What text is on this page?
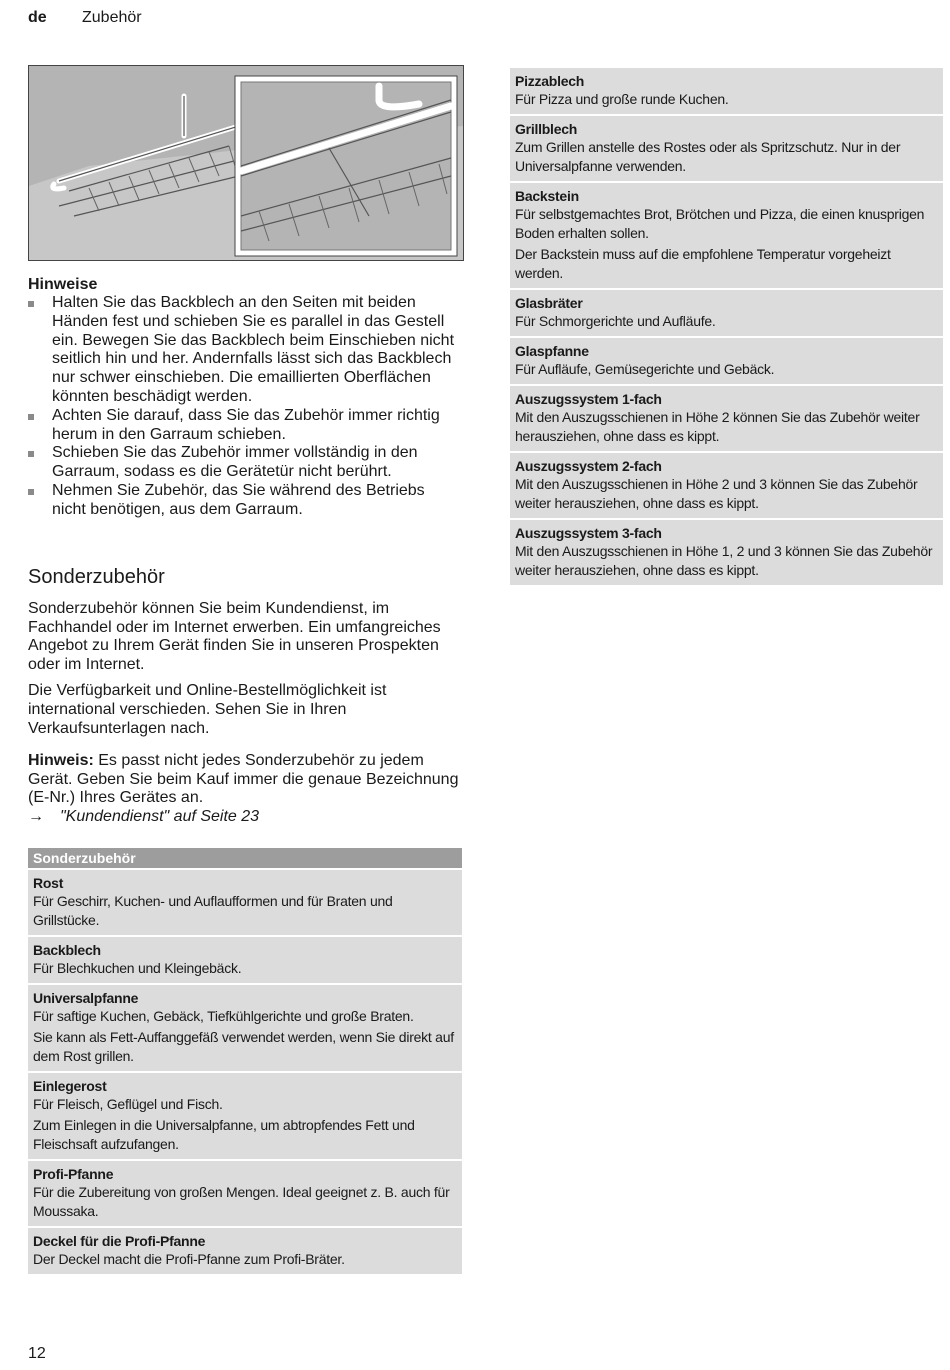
de Zubehör
Hinweise
Halten Sie das Backblech an den Seiten mit beiden Händen fest und schieben Sie es parallel in das Gestell ein. Bewegen Sie das Backblech beim Einschieben nicht seitlich hin und her. Andernfalls lässt sich das Backblech nur schwer einschieben. Die emaillierten Oberflächen könnten beschädigt werden.
Achten Sie darauf, dass Sie das Zubehör immer richtig herum in den Garraum schieben.
Schieben Sie das Zubehör immer vollständig in den Garraum, sodass es die Gerätetür nicht berührt.
Nehmen Sie Zubehör, das Sie während des Betriebs nicht benötigen, aus dem Garraum.
Sonderzubehör

Sonderzubehör können Sie beim Kundendienst, im Fachhandel oder im Internet erwerben. Ein umfangreiches Angebot zu Ihrem Gerät finden Sie in unseren Prospekten oder im Internet.

Die Verfügbarkeit und Online-Bestellmöglichkeit ist international verschieden. Sehen Sie in Ihren Verkaufsunterlagen nach.

Hinweis: Es passt nicht jedes Sonderzubehör zu jedem Gerät. Geben Sie beim Kauf immer die genaue Bezeichnung (E-Nr.) Ihres Gerätes an.

→ "Kundendienst" auf Seite 23

Sonderzubehör
Rost
Für Geschirr, Kuchen- und Auflaufformen und für Braten und Grillstücke.
Backblech
Für Blechkuchen und Kleingebäck.
Universalpfanne
Für saftige Kuchen, Gebäck, Tiefkühlgerichte und große Braten.
Sie kann als Fett-Auffanggefäß verwendet werden, wenn Sie direkt auf dem Rost grillen.
Einlegerost
Für Fleisch, Geflügel und Fisch.
Zum Einlegen in die Universalpfanne, um abtropfendes Fett und Fleischsaft aufzufangen.
Profi-Pfanne
Für die Zubereitung von großen Mengen. Ideal geeignet z. B. auch für Moussaka.
Deckel für die Profi-Pfanne
Der Deckel macht die Profi-Pfanne zum Profi-Bräter.
Pizzablech
Für Pizza und große runde Kuchen.
Grillblech
Zum Grillen anstelle des Rostes oder als Spritzschutz. Nur in der Universalpfanne verwenden.
Backstein
Für selbstgemachtes Brot, Brötchen und Pizza, die einen knusprigen Boden erhalten sollen.
Der Backstein muss auf die empfohlene Temperatur vorgeheizt werden.
Glasbräter
Für Schmorgerichte und Aufläufe.
Glaspfanne
Für Aufläufe, Gemüsegerichte und Gebäck.
Auszugssystem 1-fach
Mit den Auszugsschienen in Höhe 2 können Sie das Zubehör weiter herausziehen, ohne dass es kippt.
Auszugssystem 2-fach
Mit den Auszugsschienen in Höhe 2 und 3 können Sie das Zubehör weiter herausziehen, ohne dass es kippt.
Auszugssystem 3-fach
Mit den Auszugsschienen in Höhe 1, 2 und 3 können Sie das Zubehör weiter herausziehen, ohne dass es kippt.
12
